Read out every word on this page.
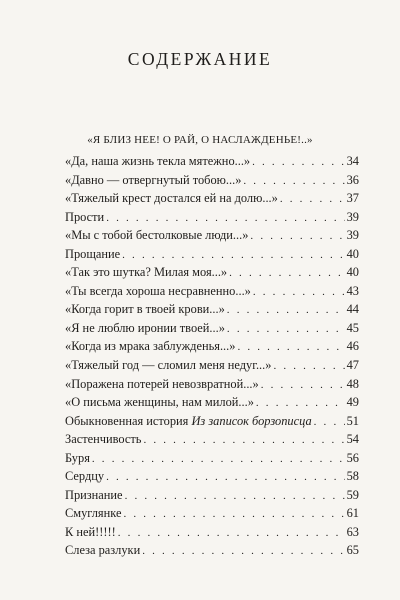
СОДЕРЖАНИЕ
«Я БЛИЗ НЕЕ! О РАЙ, О НАСЛАЖДЕНЬЕ!..»
«Да, наша жизнь текла мятежно...» . . .	34
«Давно — отвергнутый тобою...» . . .	36
«Тяжелый крест достался ей на долю...» . . .	37
Прости . . .	39
«Мы с тобой бестолковые люди...» . . .	39
Прощание . . .	40
«Так это шутка? Милая моя...» . . .	40
«Ты всегда хороша несравненно...» . . .	43
«Когда горит в твоей крови...» . . .	44
«Я не люблю иронии твоей...» . . .	45
«Когда из мрака заблужденья...» . . .	46
«Тяжелый год — сломил меня недуг...» . . .	47
«Поражена потерей невозвратной...» . . .	48
«О письма женщины, нам милой...» . . .	49
Обыкновенная история Из записок борзописца . . .	51
Застенчивость . . .	54
Буря . . .	56
Сердцу . . .	58
Признание . . .	59
Смуглянке . . .	61
К ней!!!!! . . .	63
Слеза разлуки . . .	65
